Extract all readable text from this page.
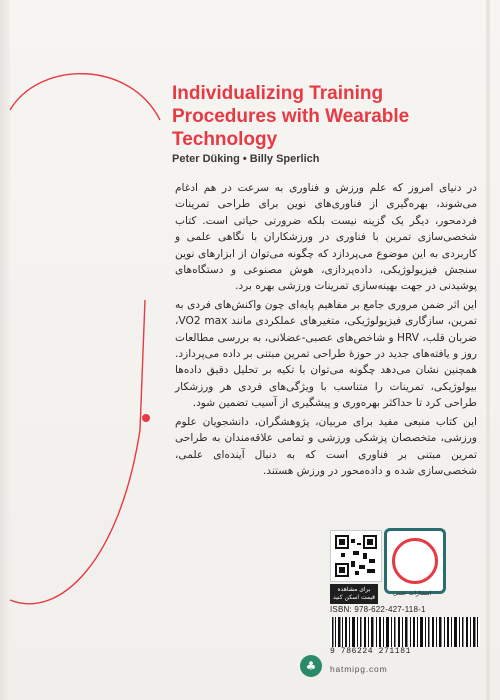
Individualizing Training Procedures with Wearable Technology
Peter Düking • Billy Sperlich

در دنیای امروز که علم ورزش و فناوری به سرعت در هم ادغام می‌شوند، بهره‌گیری از فناوری‌های نوین برای طراحی تمرینات فردمحور، دیگر یک گزینه نیست بلکه ضرورتی حیاتی است. کتاب شخصی‌سازی تمرین با فناوری در ورزشکاران با نگاهی علمی و کاربردی به این موضوع می‌پردازد که چگونه می‌توان از ابزارهای نوین سنجش فیزیولوژیکی، داده‌پردازی، هوش مصنوعی و دستگاه‌های پوشیدنی در جهت بهینه‌سازی تمرینات ورزشی بهره برد.

این اثر ضمن مروری جامع بر مفاهیم پایه‌ای چون واکنش‌های فردی به تمرین، سازگاری فیزیولوژیکی، متغیرهای عملکردی مانند VO2 max، ضربان قلب، HRV و شاخص‌های عصبی-عضلانی، به بررسی مطالعات روز و یافته‌های جدید در حوزهٔ طراحی تمرین مبتنی بر داده می‌پردازد. همچنین نشان می‌دهد چگونه می‌توان با تکیه بر تحلیل دقیق داده‌ها بیولوژیکی، تمرینات را متناسب با ویژگی‌های فردی هر ورزشکار طراحی کرد تا حداکثر بهره‌وری و پیشگیری از آسیب تضمین شود.

این کتاب منبعی مفید برای مربیان، پژوهشگران، دانشجویان علوم ورزشی، متخصصان پزشکی ورزشی و تمامی علاقه‌مندان به طراحی تمرین مبتنی بر فناوری است که به دنبال آینده‌ای علمی، شخصی‌سازی شده و داده‌محور در ورزش هستند.

برای مشاهده قیمت اسکن کنید
انتشارات حتمی
ISBN: 978-622-427-118-1
9 786224 271181
♣	hatmipg.com
